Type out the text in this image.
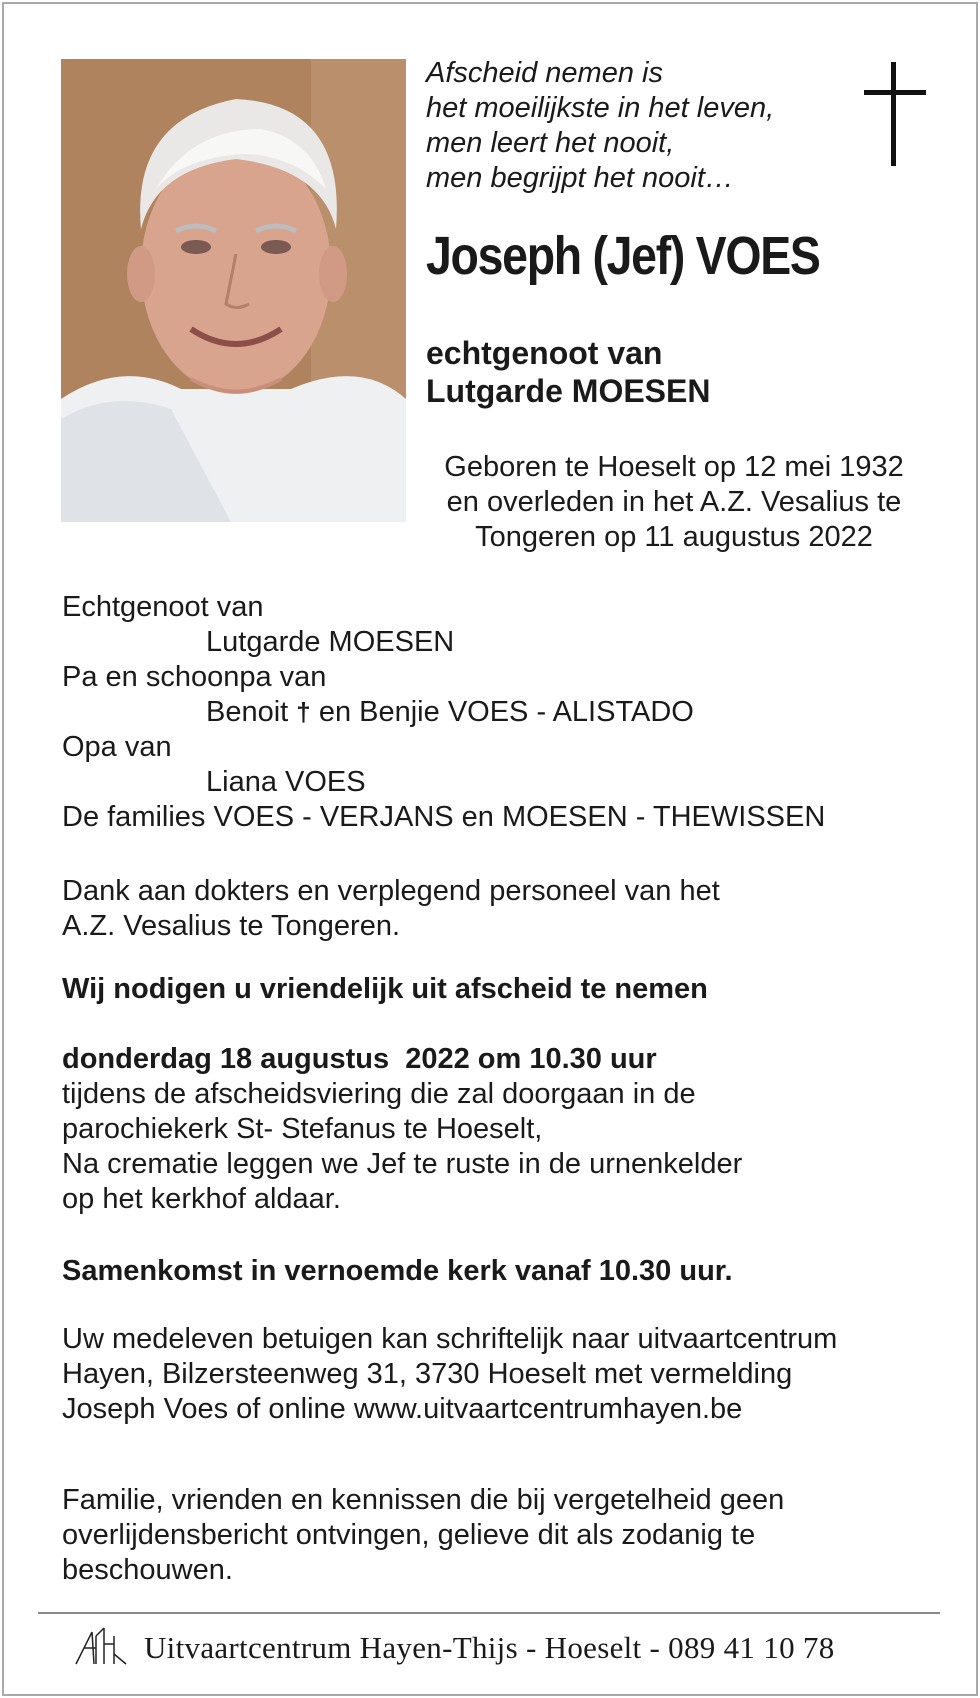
Afscheid nemen is
het moeilijkste in het leven,
men leert het nooit,
men begrijpt het nooit…
Joseph (Jef) VOES
echtgenoot van
Lutgarde MOESEN
Geboren te Hoeselt op 12 mei 1932
en overleden in het A.Z. Vesalius te
Tongeren op 11 augustus 2022
Echtgenoot van
Lutgarde MOESEN
Pa en schoonpa van
Benoit † en Benjie VOES - ALISTADO
Opa van
Liana VOES
De families VOES - VERJANS en MOESEN - THEWISSEN
Dank aan dokters en verplegend personeel van het
A.Z. Vesalius te Tongeren.
Wij nodigen u vriendelijk uit afscheid te nemen
donderdag 18 augustus  2022 om 10.30 uur
tijdens de afscheidsviering die zal doorgaan in de
parochiekerk St- Stefanus te Hoeselt,
Na crematie leggen we Jef te ruste in de urnenkelder
op het kerkhof aldaar.
Samenkomst in vernoemde kerk vanaf 10.30 uur.
Uw medeleven betuigen kan schriftelijk naar uitvaartcentrum
Hayen, Bilzersteenweg 31, 3730 Hoeselt met vermelding
Joseph Voes of online www.uitvaartcentrumhayen.be
Familie, vrienden en kennissen die bij vergetelheid geen
overlijdensbericht ontvingen, gelieve dit als zodanig te
beschouwen.
Uitvaartcentrum Hayen-Thijs - Hoeselt - 089 41 10 78
